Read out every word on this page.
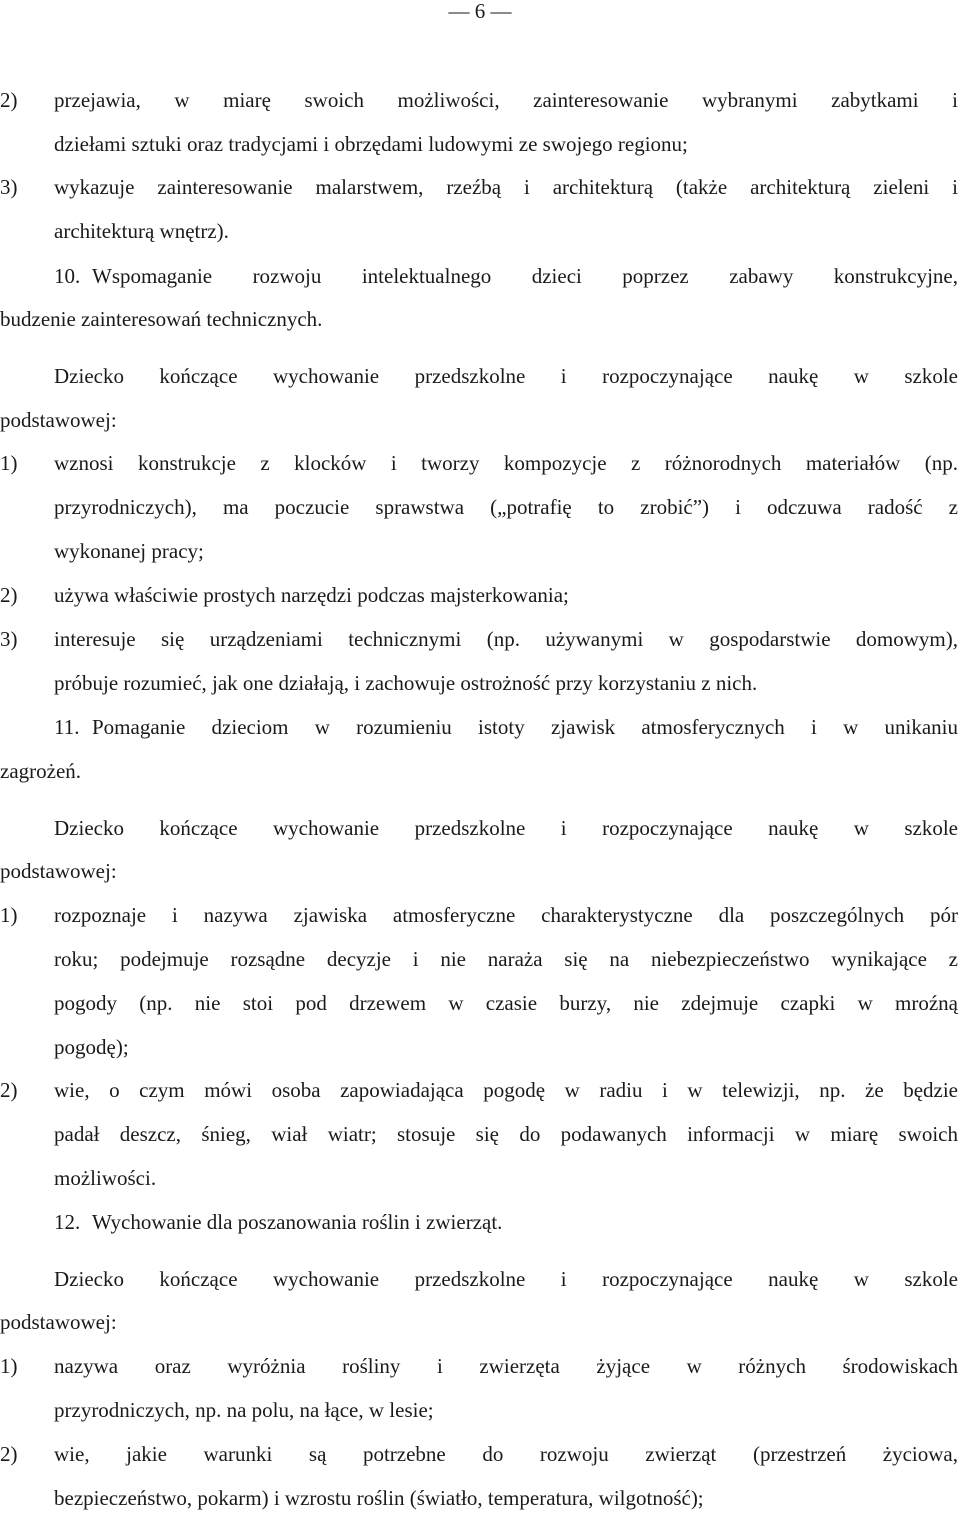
— 6 —
2) przejawia, w miarę swoich możliwości, zainteresowanie wybranymi zabytkami i
dziełami sztuki oraz tradycjami i obrzędami ludowymi ze swojego regionu;
3) wykazuje zainteresowanie malarstwem, rzeźbą i architekturą (także architekturą zieleni i
architekturą wnętrz).
10. Wspomaganie rozwoju intelektualnego dzieci poprzez zabawy konstrukcyjne,
budzenie zainteresowań technicznych.
Dziecko kończące wychowanie przedszkolne i rozpoczynające naukę w szkole
podstawowej:
1) wznosi konstrukcje z klocków i tworzy kompozycje z różnorodnych materiałów (np.
przyrodniczych), ma poczucie sprawstwa („potrafię to zrobić”) i odczuwa radość z
wykonanej pracy;
2) używa właściwie prostych narzędzi podczas majsterkowania;
3) interesuje się urządzeniami technicznymi (np. używanymi w gospodarstwie domowym),
próbuje rozumieć, jak one działają, i zachowuje ostrożność przy korzystaniu z nich.
11. Pomaganie dzieciom w rozumieniu istoty zjawisk atmosferycznych i w unikaniu
zagrożeń.
Dziecko kończące wychowanie przedszkolne i rozpoczynające naukę w szkole
podstawowej:
1) rozpoznaje i nazywa zjawiska atmosferyczne charakterystyczne dla poszczególnych pór
roku; podejmuje rozsądne decyzje i nie naraża się na niebezpieczeństwo wynikające z
pogody (np. nie stoi pod drzewem w czasie burzy, nie zdejmuje czapki w mroźną
pogodę);
2) wie, o czym mówi osoba zapowiadająca pogodę w radiu i w telewizji, np. że będzie
padał deszcz, śnieg, wiał wiatr; stosuje się do podawanych informacji w miarę swoich
możliwości.
12. Wychowanie dla poszanowania roślin i zwierząt.
Dziecko kończące wychowanie przedszkolne i rozpoczynające naukę w szkole
podstawowej:
1) nazywa oraz wyróżnia rośliny i zwierzęta żyjące w różnych środowiskach
przyrodniczych, np. na polu, na łące, w lesie;
2) wie, jakie warunki są potrzebne do rozwoju zwierząt (przestrzeń życiowa,
bezpieczeństwo, pokarm) i wzrostu roślin (światło, temperatura, wilgotność);
